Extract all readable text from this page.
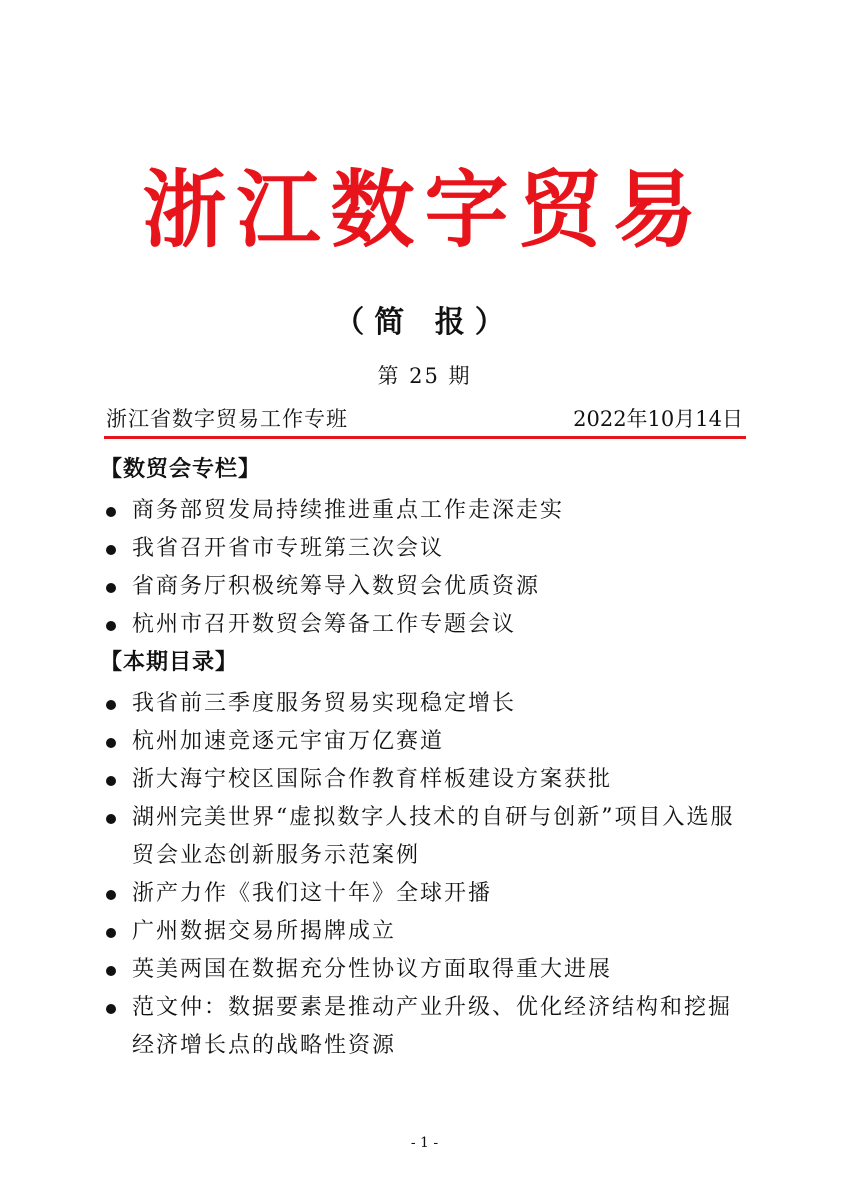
浙江数字贸易
（简 报）
第 25 期
浙江省数字贸易工作专班	2022年10月14日
【数贸会专栏】
商务部贸发局持续推进重点工作走深走实
我省召开省市专班第三次会议
省商务厅积极统筹导入数贸会优质资源
杭州市召开数贸会筹备工作专题会议
【本期目录】
我省前三季度服务贸易实现稳定增长
杭州加速竞逐元宇宙万亿赛道
浙大海宁校区国际合作教育样板建设方案获批
湖州完美世界“虚拟数字人技术的自研与创新”项目入选服贸会业态创新服务示范案例
浙产力作《我们这十年》全球开播
广州数据交易所揭牌成立
英美两国在数据充分性协议方面取得重大进展
范文仲：数据要素是推动产业升级、优化经济结构和挖掘经济增长点的战略性资源
- 1 -
